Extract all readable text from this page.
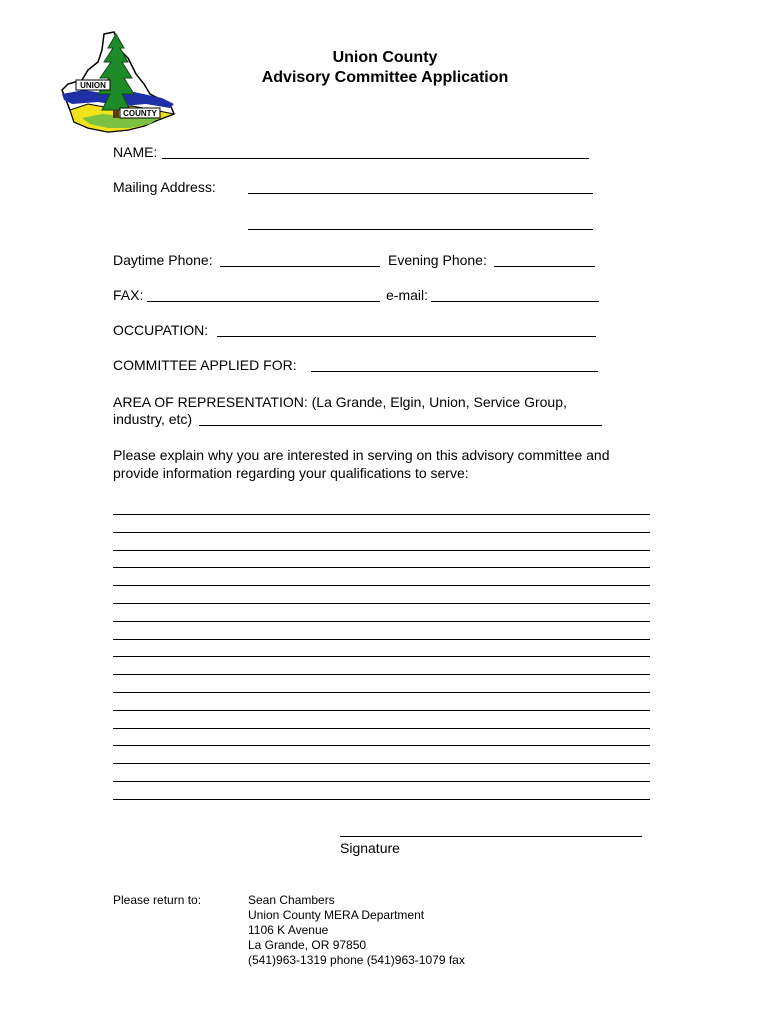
UNION
COUNTY
Union County
Advisory Committee Application
NAME:
Mailing Address:
Daytime Phone:	Evening Phone:
FAX:	e-mail:
OCCUPATION:
COMMITTEE APPLIED FOR:
AREA OF REPRESENTATION: (La Grande, Elgin, Union, Service Group,
industry, etc)
Please explain why you are interested in serving on this advisory committee and
provide information regarding your qualifications to serve:
Signature
Please return to:	Sean Chambers
Union County MERA Department
1106 K Avenue
La Grande, OR 97850
(541)963-1319 phone (541)963-1079 fax
